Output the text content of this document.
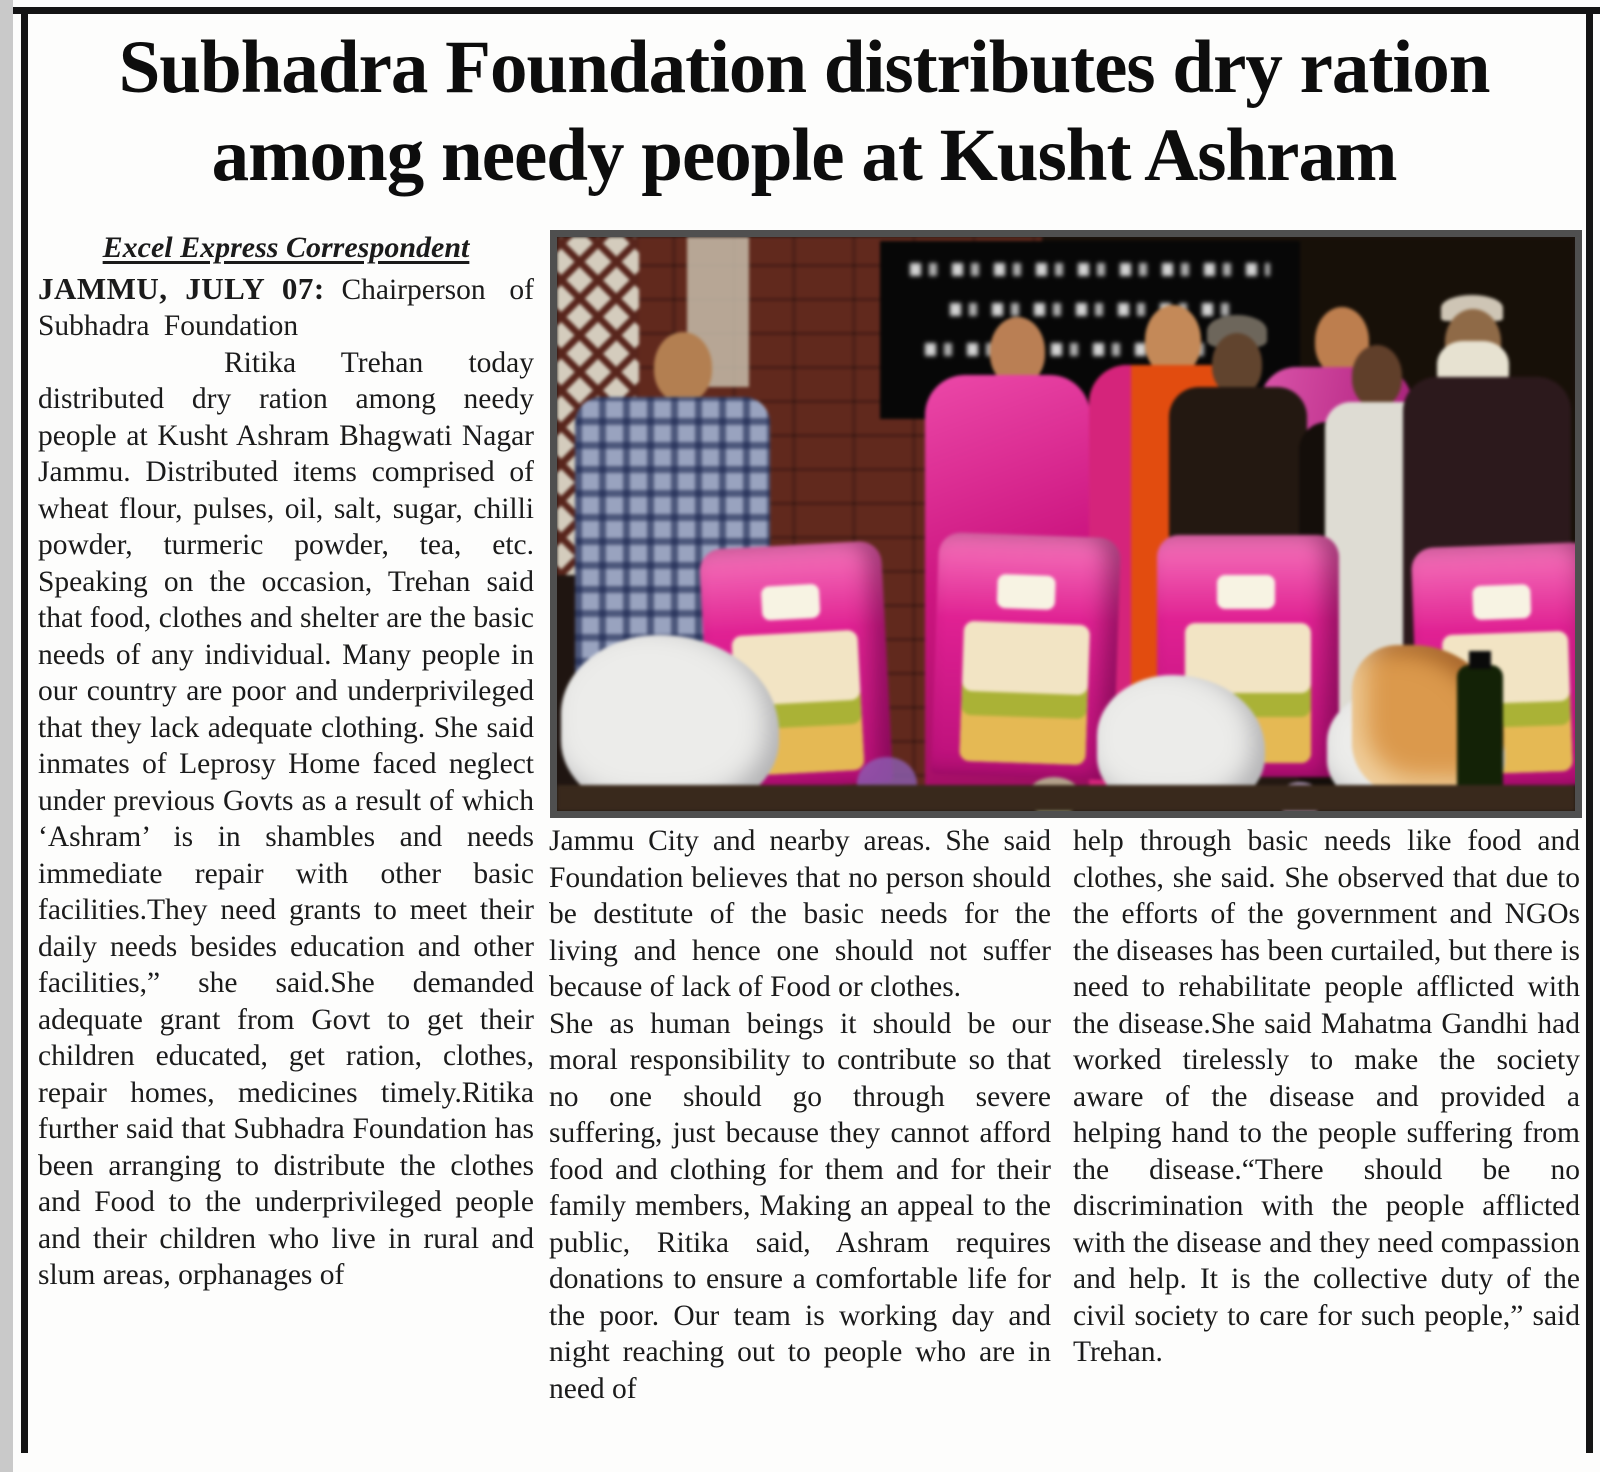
Subhadra Foundation distributes dry ration
among needy people at Kusht Ashram
Excel Express Correspondent

JAMMU, JULY 07: Chairperson of Subhadra Foundation

Ritika Trehan today distributed dry ration among needy people at Kusht Ashram Bhagwati Nagar Jammu. Distributed items comprised of wheat flour, pulses, oil, salt, sugar, chilli powder, turmeric powder, tea, etc. Speaking on the occasion, Trehan said that food, clothes and shelter are the basic needs of any individual. Many people in our country are poor and underprivileged that they lack adequate clothing. She said inmates of Leprosy Home faced neglect under previous Govts as a result of which ‘Ashram’ is in shambles and needs immediate repair with other basic facilities.They need grants to meet their daily needs besides education and other facilities,” she said.She demanded adequate grant from Govt to get their children educated, get ration, clothes, repair homes, medicines timely.Ritika further said that Subhadra Foundation has been arranging to distribute the clothes and Food to the underprivileged people and their children who live in rural and slum areas, orphanages of

Jammu City and nearby areas. She said Foundation believes that no person should be destitute of the basic needs for the living and hence one should not suffer because of lack of Food or clothes.

She as human beings it should be our moral responsibility to contribute so that no one should go through severe suffering, just because they cannot afford food and clothing for them and for their family members, Making an appeal to the public, Ritika said, Ashram requires donations to ensure a comfortable life for the poor. Our team is working day and night reaching out to people who are in need of

help through basic needs like food and clothes, she said. She observed that due to the efforts of the government and NGOs the diseases has been curtailed, but there is need to rehabilitate people afflicted with the disease.She said Mahatma Gandhi had worked tirelessly to make the society aware of the disease and provided a helping hand to the people suffering from the disease.“There should be no discrimination with the people afflicted with the disease and they need compassion and help. It is the collective duty of the civil society to care for such people,” said Trehan.
